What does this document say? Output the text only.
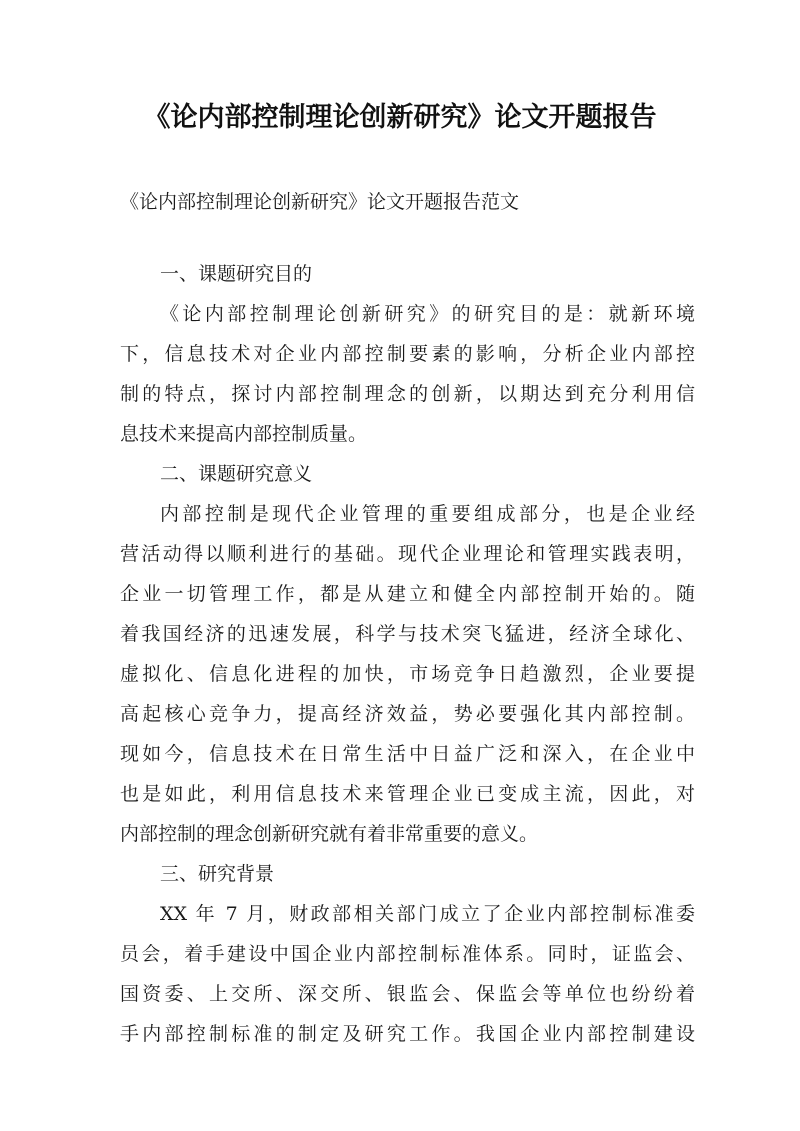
《论内部控制理论创新研究》论文开题报告
《论内部控制理论创新研究》论文开题报告范文
一、课题研究目的
《论内部控制理论创新研究》的研究目的是：就新环境
下，信息技术对企业内部控制要素的影响，分析企业内部控
制的特点，探讨内部控制理念的创新，以期达到充分利用信
息技术来提高内部控制质量。
二、课题研究意义
内部控制是现代企业管理的重要组成部分，也是企业经
营活动得以顺利进行的基础。现代企业理论和管理实践表明，
企业一切管理工作，都是从建立和健全内部控制开始的。随
着我国经济的迅速发展，科学与技术突飞猛进，经济全球化、
虚拟化、信息化进程的加快，市场竞争日趋激烈，企业要提
高起核心竞争力，提高经济效益，势必要强化其内部控制。
现如今，信息技术在日常生活中日益广泛和深入，在企业中
也是如此，利用信息技术来管理企业已变成主流，因此，对
内部控制的理念创新研究就有着非常重要的意义。
三、研究背景
XX 年 7 月，财政部相关部门成立了企业内部控制标准委
员会，着手建设中国企业内部控制标准体系。同时，证监会、
国资委、上交所、深交所、银监会、保监会等单位也纷纷着
手内部控制标准的制定及研究工作。我国企业内部控制建设
